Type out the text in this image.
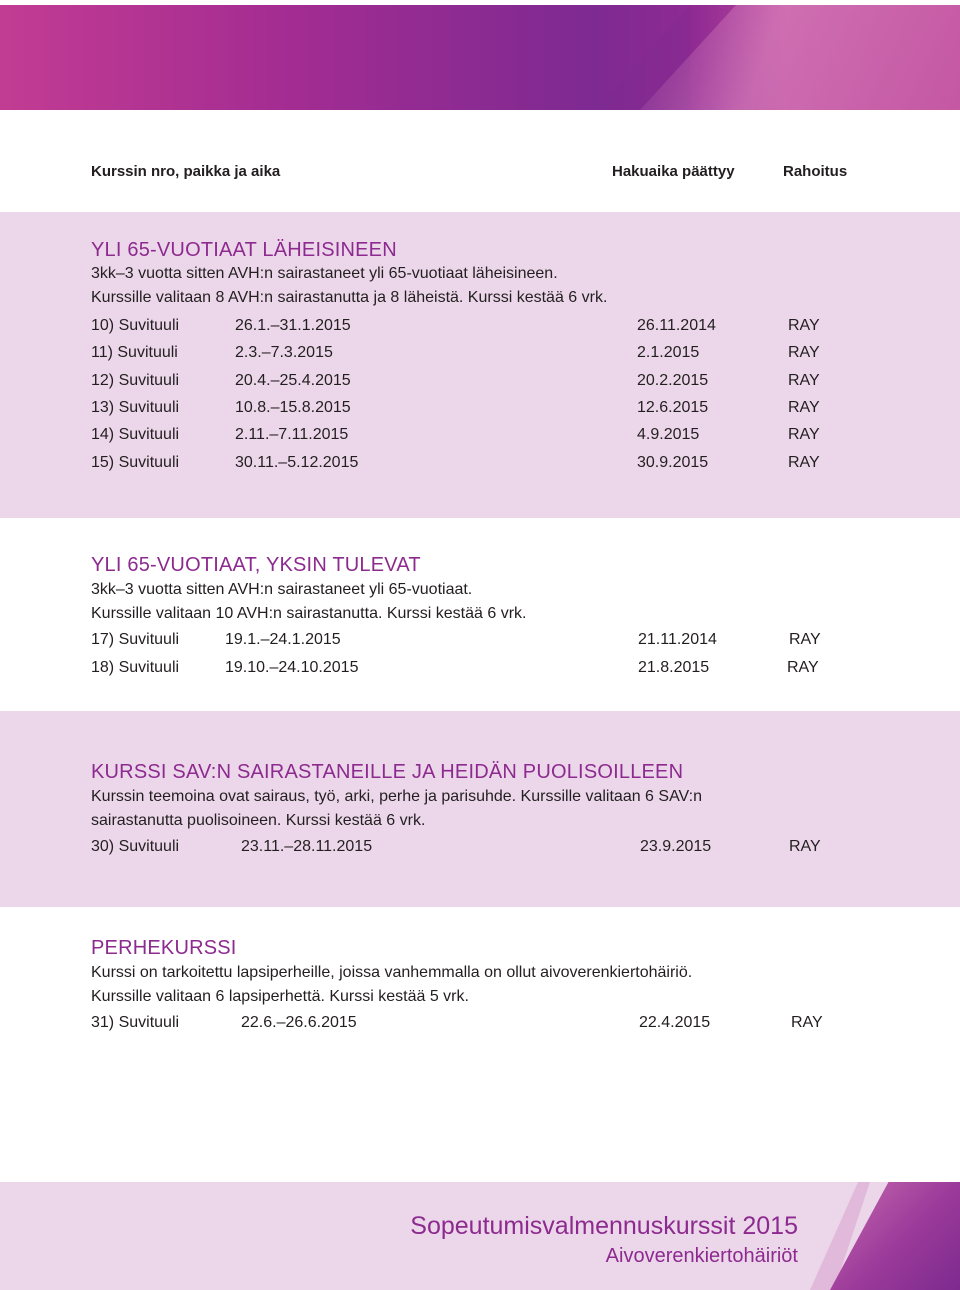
Kurssin nro, paikka ja aika	Hakuaika päättyy	Rahoitus
YLI 65-VUOTIAAT LÄHEISINEEN
3kk–3 vuotta sitten AVH:n sairastaneet yli 65-vuotiaat läheisineen.
Kurssille valitaan 8 AVH:n sairastanutta ja 8 läheistä. Kurssi kestää 6 vrk.
10) Suvituuli	26.1.–31.1.2015	26.11.2014	RAY
11) Suvituuli	2.3.–7.3.2015	2.1.2015	RAY
12) Suvituuli	20.4.–25.4.2015	20.2.2015	RAY
13) Suvituuli	10.8.–15.8.2015	12.6.2015	RAY
14) Suvituuli	2.11.–7.11.2015	4.9.2015	RAY
15) Suvituuli	30.11.–5.12.2015	30.9.2015	RAY
YLI 65-VUOTIAAT, YKSIN TULEVAT
3kk–3 vuotta sitten AVH:n sairastaneet yli 65-vuotiaat.
Kurssille valitaan 10 AVH:n sairastanutta. Kurssi kestää 6 vrk.
17) Suvituuli	19.1.–24.1.2015	21.11.2014	RAY
18) Suvituuli	19.10.–24.10.2015	21.8.2015	RAY
KURSSI SAV:N SAIRASTANEILLE JA HEIDÄN PUOLISOILLEEN
Kurssin teemoina ovat sairaus, työ, arki, perhe ja parisuhde. Kurssille valitaan 6 SAV:n
sairastanutta puolisoineen. Kurssi kestää 6 vrk.
30) Suvituuli	23.11.–28.11.2015	23.9.2015	RAY
PERHEKURSSI
Kurssi on tarkoitettu lapsiperheille, joissa vanhemmalla on ollut aivoverenkiertohäiriö.
Kurssille valitaan 6 lapsiperhettä. Kurssi kestää 5 vrk.
31) Suvituuli	22.6.–26.6.2015	22.4.2015	RAY
Sopeutumisvalmennuskurssit 2015
Aivoverenkiertohäiriöt
